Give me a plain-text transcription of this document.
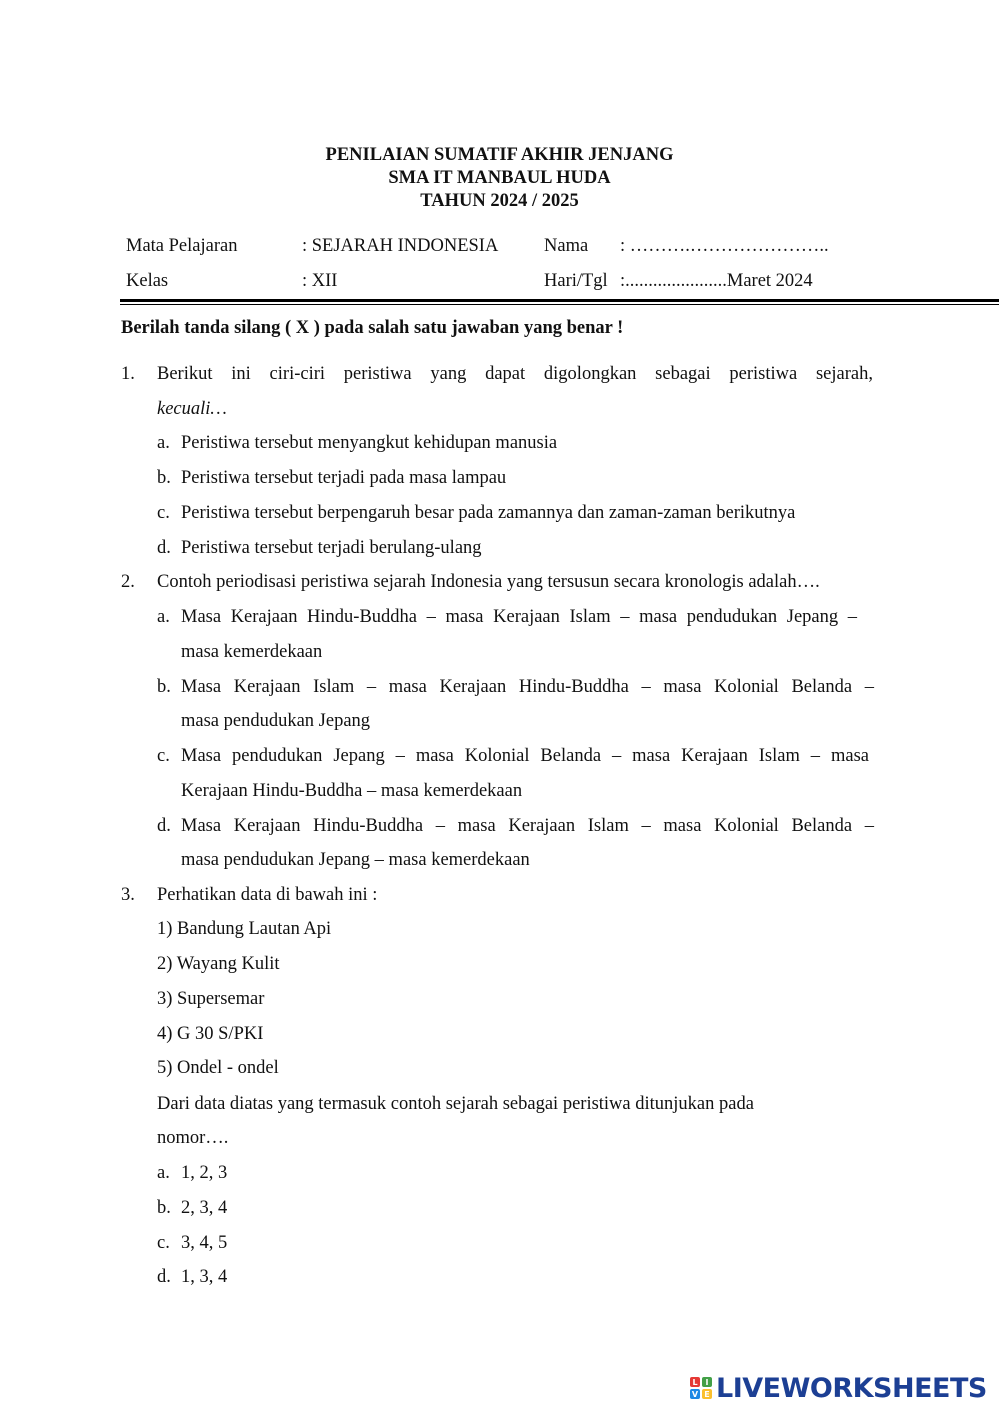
PENILAIAN SUMATIF AKHIR JENJANG
SMA IT MANBAUL HUDA
TAHUN 2024 / 2025
Mata Pelajaran	: SEJARAH INDONESIA Nama : ……….…………………..
Kelas	: XII	Hari/Tgl :......................Maret 2024
Berilah tanda silang ( X ) pada salah satu jawaban yang benar !
1. Berikut ini ciri-ciri peristiwa yang dapat digolongkan sebagai peristiwa sejarah,
kecuali…
a. Peristiwa tersebut menyangkut kehidupan manusia
b. Peristiwa tersebut terjadi pada masa lampau
c. Peristiwa tersebut berpengaruh besar pada zamannya dan zaman-zaman berikutnya
d. Peristiwa tersebut terjadi berulang-ulang
2. Contoh periodisasi peristiwa sejarah Indonesia yang tersusun secara kronologis adalah….
a. Masa Kerajaan Hindu-Buddha – masa Kerajaan Islam – masa pendudukan Jepang –
masa kemerdekaan
b. Masa Kerajaan Islam – masa Kerajaan Hindu-Buddha – masa Kolonial Belanda –
masa pendudukan Jepang
c. Masa pendudukan Jepang – masa Kolonial Belanda – masa Kerajaan Islam – masa
Kerajaan Hindu-Buddha – masa kemerdekaan
d. Masa Kerajaan Hindu-Buddha – masa Kerajaan Islam – masa Kolonial Belanda –
masa pendudukan Jepang – masa kemerdekaan
3. Perhatikan data di bawah ini :
1) Bandung Lautan Api
2) Wayang Kulit
3) Supersemar
4) G 30 S/PKI
5) Ondel - ondel
Dari data diatas yang termasuk contoh sejarah sebagai peristiwa ditunjukan pada
nomor….
a. 1, 2, 3
b. 2, 3, 4
c. 3, 4, 5
d. 1, 3, 4
L I
V E LIVEWORKSHEETS
